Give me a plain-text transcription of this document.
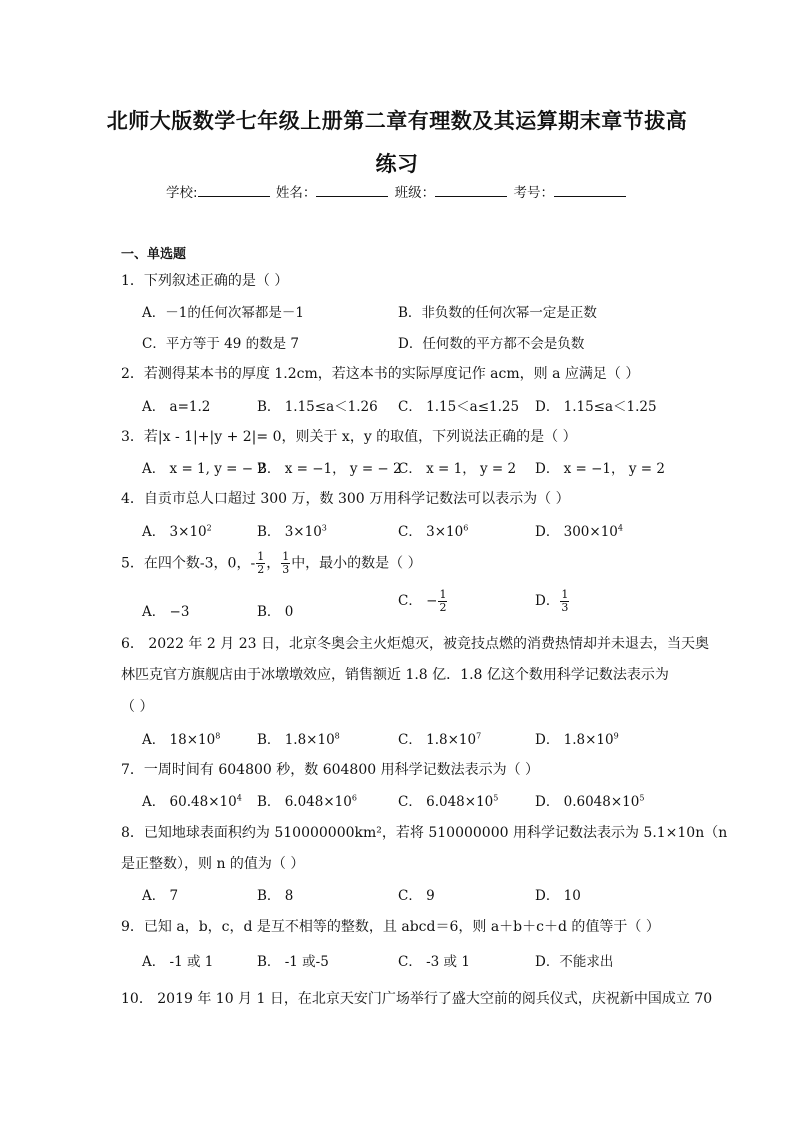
北师大版数学七年级上册第二章有理数及其运算期末章节拔高
练习
学校:	姓名：	班级：	考号：
一、单选题
1．下列叙述正确的是（ ）
A．－1的任何次幂都是－1	B．非负数的任何次幂一定是正数
C．平方等于 49 的数是 7	D．任何数的平方都不会是负数
2．若测得某本书的厚度 1.2cm，若这本书的实际厚度记作 acm，则 a 应满足（ ）
A． a=1.2	B． 1.15≤a＜1.26 C． 1.15＜a≤1.25 D． 1.15≤a＜1.25
3．若|x - 1|+|y + 2|= 0，则关于 x，y 的取值，下列说法正确的是（ ）
A． x = 1, y = − 2
B． x = −1， y = − 2
C． x = 1， y = 2 D． x = −1， y = 2
4．自贡市总人口超过 300 万，数 300 万用科学记数法可以表示为（ ）
A． $3\times 10^2$	B． $3\times 10^3$	C． $3\times 10^6$	D． $300\times 10^4$
5．在四个数-3，0，- $\frac{1}{2}$ ， $\frac{1}{3}$ 中，最小的数是（ ）
A． −3	B． 0
C． − $\frac{1}{2}$	D． $\frac{1}{3}$
6． 2022 年 2 月 23 日，北京冬奥会主火炬熄灭，被竞技点燃的消费热情却并未退去，当天奥
林匹克官方旗舰店由于冰墩墩效应，销售额近 1.8 亿．1.8 亿这个数用科学记数法表示为
（ ）
A． $18\times 10^8$	B． $1.8\times 10^8$	C． $1.8\times 10^7$	D． $1.8\times 10^9$
7．一周时间有 604800 秒，数 604800 用科学记数法表示为（ ）
A． $60.48\times 10^4$ B． $6.048\times 10^6$	C． $6.048\times 10^5$	D． $0.6048\times 10^5$
8．已知地球表面积约为 510000000km²，若将 510000000 用科学记数法表示为 5.1×10n（n
是正整数），则 n 的值为（ ）
A． 7	B． 8	C． 9	D． 10
9．已知 a，b，c，d 是互不相等的整数，且 abcd＝6，则 a＋b＋c＋d 的值等于（ ）
A． -1 或 1	B． -1 或-5	C． -3 或 1	D．不能求出
10． 2019 年 10 月 1 日，在北京天安门广场举行了盛大空前的阅兵仪式，庆祝新中国成立 70
